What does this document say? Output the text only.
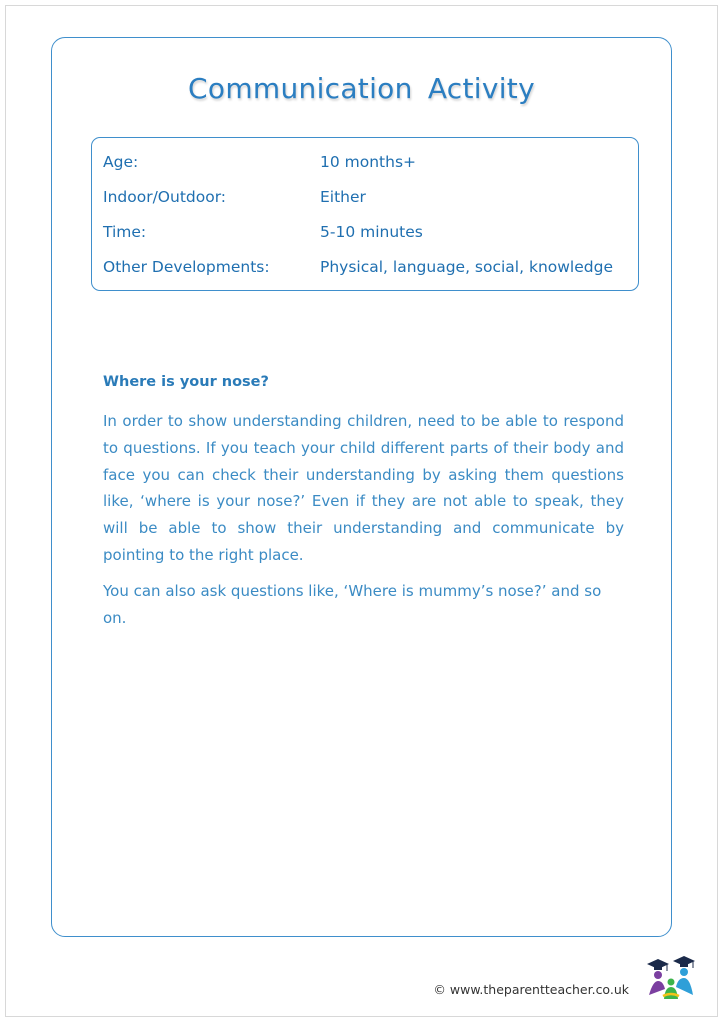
Communication Activity
Age:	10 months+
Indoor/Outdoor:	Either
Time:	5-10 minutes
Other Developments:	Physical, language, social, knowledge
Where is your nose?

In order to show understanding children, need to be able to respond to questions. If you teach your child different parts of their body and face you can check their understanding by asking them questions like, ‘where is your nose?’ Even if they are not able to speak, they will be able to show their understanding and communicate by pointing to the right place.

You can also ask questions like, ‘Where is mummy’s nose?’ and so on.

© www.theparentteacher.co.uk
